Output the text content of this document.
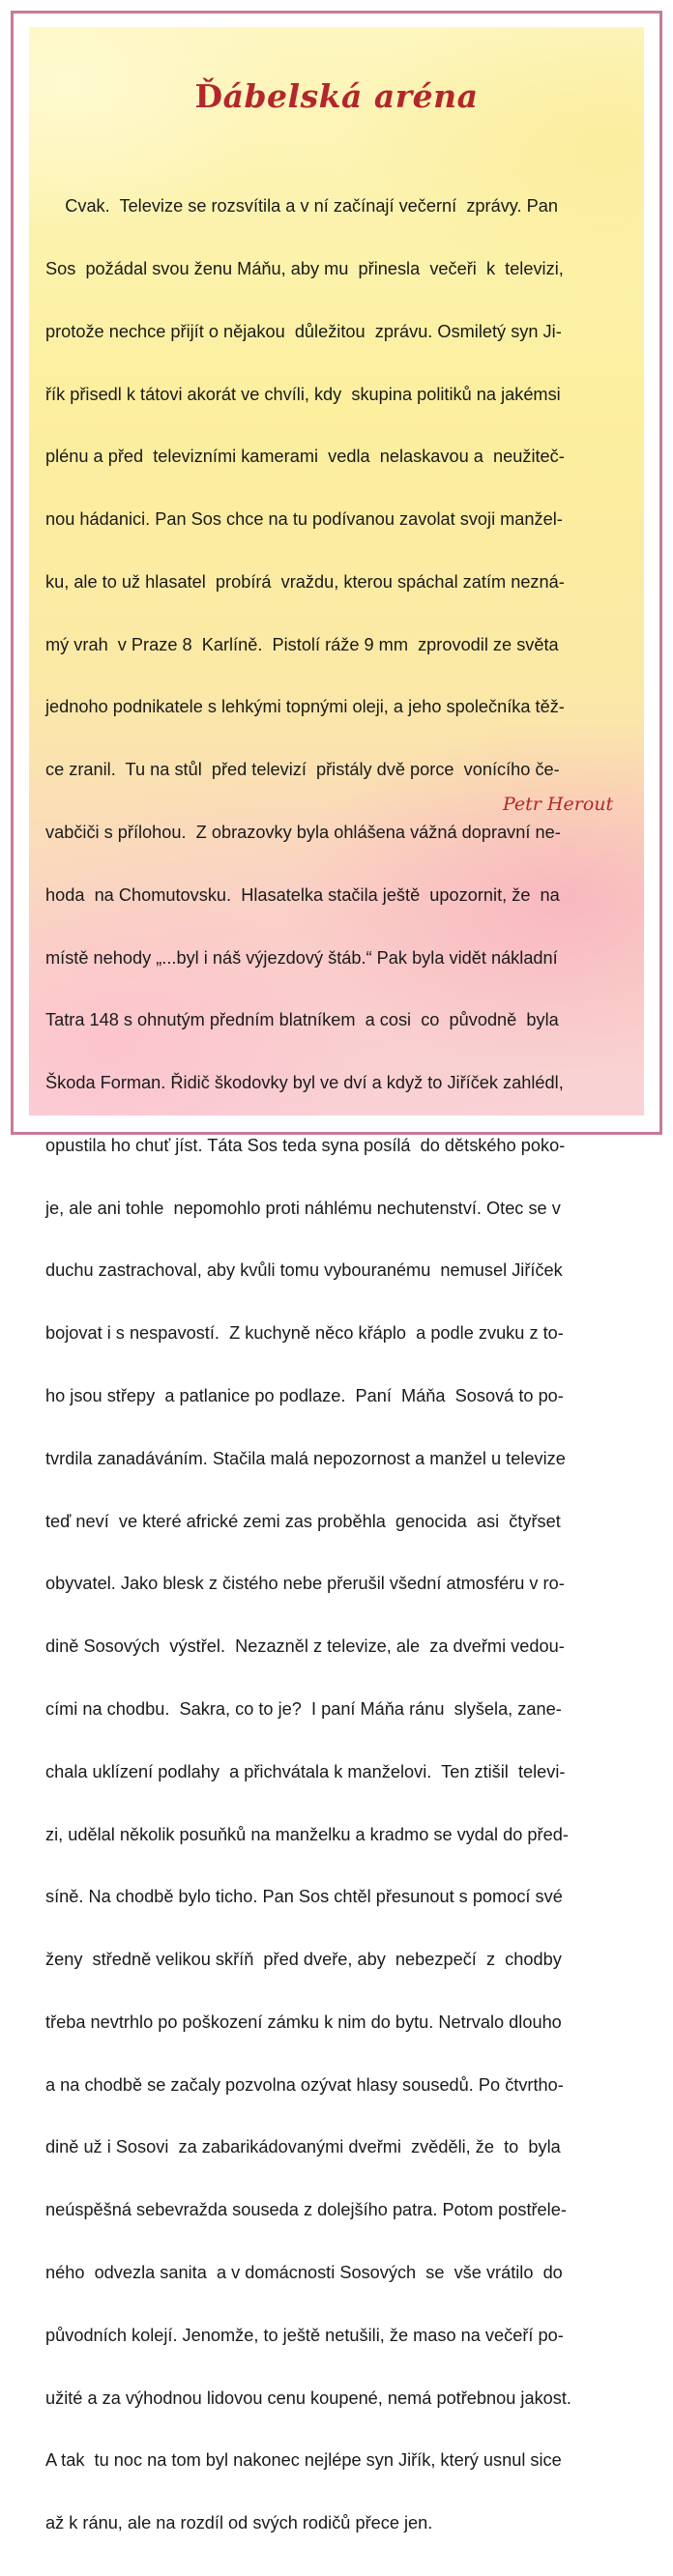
Ďábelská aréna

Cvak.  Televize se rozsvítila a v ní začínají večerní  zprávy. Pan

Sos  požádal svou ženu Máňu, aby mu  přinesla  večeři  k  televizi,

protože nechce přijít o nějakou  důležitou  zprávu. Osmiletý syn Ji-

řík přisedl k tátovi akorát ve chvíli, kdy  skupina politiků na jakémsi

plénu a před  televizními kamerami  vedla  nelaskavou a  neužiteč-

nou hádanici. Pan Sos chce na tu podívanou zavolat svoji manžel-

ku, ale to už hlasatel  probírá  vraždu, kterou spáchal zatím nezná-

mý vrah  v Praze 8  Karlíně.  Pistolí ráže 9 mm  zprovodil ze světa

jednoho podnikatele s lehkými topnými oleji, a jeho společníka těž-

ce zranil.  Tu na stůl  před televizí  přistály dvě porce  vonícího če-

vabčiči s přílohou.  Z obrazovky byla ohlášena vážná dopravní ne-

hoda  na Chomutovsku.  Hlasatelka stačila ještě  upozornit, že  na

místě nehody „...byl i náš výjezdový štáb.“ Pak byla vidět nákladní

Tatra 148 s ohnutým předním blatníkem  a cosi  co  původně  byla

Škoda Forman. Řidič škodovky byl ve dví a když to Jiříček zahlédl,

opustila ho chuť jíst. Táta Sos teda syna posílá  do dětského poko-

je, ale ani tohle  nepomohlo proti náhlému nechutenství. Otec se v

duchu zastrachoval, aby kvůli tomu vybouranému  nemusel Jiříček

bojovat i s nespavostí.  Z kuchyně něco křáplo  a podle zvuku z to-

ho jsou střepy  a patlanice po podlaze.  Paní  Máňa  Sosová to po-

tvrdila zanadáváním. Stačila malá nepozornost a manžel u televize

teď neví  ve které africké zemi zas proběhla  genocida  asi  čtyřset

obyvatel. Jako blesk z čistého nebe přerušil všední atmosféru v ro-

dině Sosových  výstřel.  Nezazněl z televize, ale  za dveřmi vedou-

cími na chodbu.  Sakra, co to je?  I paní Máňa ránu  slyšela, zane-

chala uklízení podlahy  a přichvátala k manželovi.  Ten ztišil  televi-

zi, udělal několik posuňků na manželku a kradmo se vydal do před-

síně. Na chodbě bylo ticho. Pan Sos chtěl přesunout s pomocí své

ženy  středně velikou skříň  před dveře, aby  nebezpečí  z  chodby

třeba nevtrhlo po poškození zámku k nim do bytu. Netrvalo dlouho

a na chodbě se začaly pozvolna ozývat hlasy sousedů. Po čtvrtho-

dině už i Sosovi  za zabarikádovanými dveřmi  zvěděli, že  to  byla

neúspěšná sebevražda souseda z dolejšího patra. Potom postřele-

ného  odvezla sanita  a v domácnosti Sosových  se  vše vrátilo  do

původních kolejí. Jenomže, to ještě netušili, že maso na večeří po-

užité a za výhodnou lidovou cenu koupené, nemá potřebnou jakost.

A tak  tu noc na tom byl nakonec nejlépe syn Jiřík, který usnul sice

až k ránu, ale na rozdíl od svých rodičů přece jen.

Petr Herout
